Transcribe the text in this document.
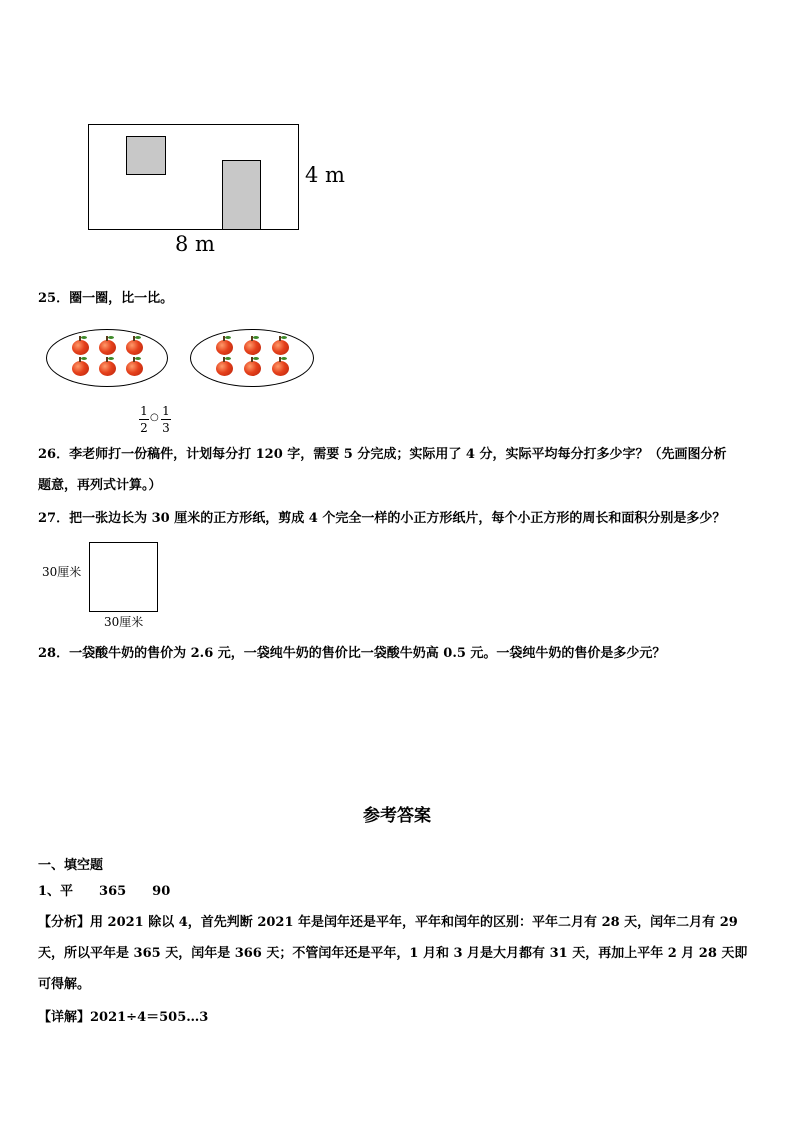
4 m
8 m
25．圈一圈，比一比。
1
2
○ 1
3
26．李老师打一份稿件，计划每分打 120 字，需要 5 分完成；实际用了 4 分，实际平均每分打多少字？（先画图分析
题意，再列式计算。）
27．把一张边长为 30 厘米的正方形纸，剪成 4 个完全一样的小正方形纸片，每个小正方形的周长和面积分别是多少？
30厘米
30厘米
28．一袋酸牛奶的售价为 2.6 元，一袋纯牛奶的售价比一袋酸牛奶高 0.5 元。一袋纯牛奶的售价是多少元？
参考答案
一、填空题
1、平　　365　　90
【分析】用 2021 除以 4，首先判断 2021 年是闰年还是平年，平年和闰年的区别：平年二月有 28 天，闰年二月有 29
天，所以平年是 365 天，闰年是 366 天；不管闰年还是平年，1 月和 3 月是大月都有 31 天，再加上平年 2 月 28 天即
可得解。
【详解】2021÷4＝505…3
